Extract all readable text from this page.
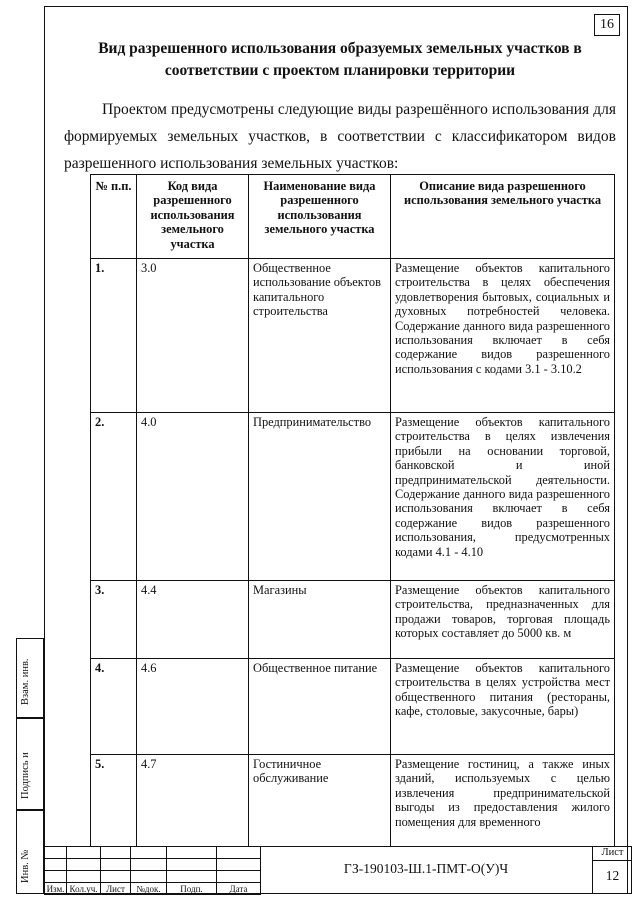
16
Вид разрешенного использования образуемых земельных участков в соответствии с проектом планировки территории

Проектом предусмотрены следующие виды разрешённого использования для формируемых земельных участков, в соответствии с классификатором видов разрешенного использования земельных участков:

№ п.п.	Код вида разрешенного использования земельного участка	Наименование вида разрешенного использования земельного участка	Описание вида разрешенного использования земельного участка
1.	3.0	Общественное использование объектов капитального строительства	Размещение объектов капитального строительства в целях обеспечения удовлетворения бытовых, социальных и духовных потребностей человека. Содержание данного вида разрешенного использования включает в себя содержание видов разрешенного использования с кодами 3.1 - 3.10.2
2.	4.0	Предпринимательство	Размещение объектов капитального строительства в целях извлечения прибыли на основании торговой, банковской и иной предпринимательской деятельности. Содержание данного вида разрешенного использования включает в себя содержание видов разрешенного использования, предусмотренных кодами 4.1 - 4.10
3.	4.4	Магазины	Размещение объектов капитального строительства, предназначенных для продажи товаров, торговая площадь которых составляет до 5000 кв. м
4.	4.6	Общественное питание	Размещение объектов капитального строительства в целях устройства мест общественного питания (рестораны, кафе, столовые, закусочные, бары)
5.	4.7	Гостиничное обслуживание	Размещение гостиниц, а также иных зданий, используемых с целью извлечения предпринимательской выгоды из предоставления жилого помещения для временного
Взам. инв.
Подпись и
Инв. №

Изм.	Кол.уч.	Лист	№док.	Подп.	Дата
ГЗ-190103-Ш.1-ПМТ-О(У)Ч
Лист
12
